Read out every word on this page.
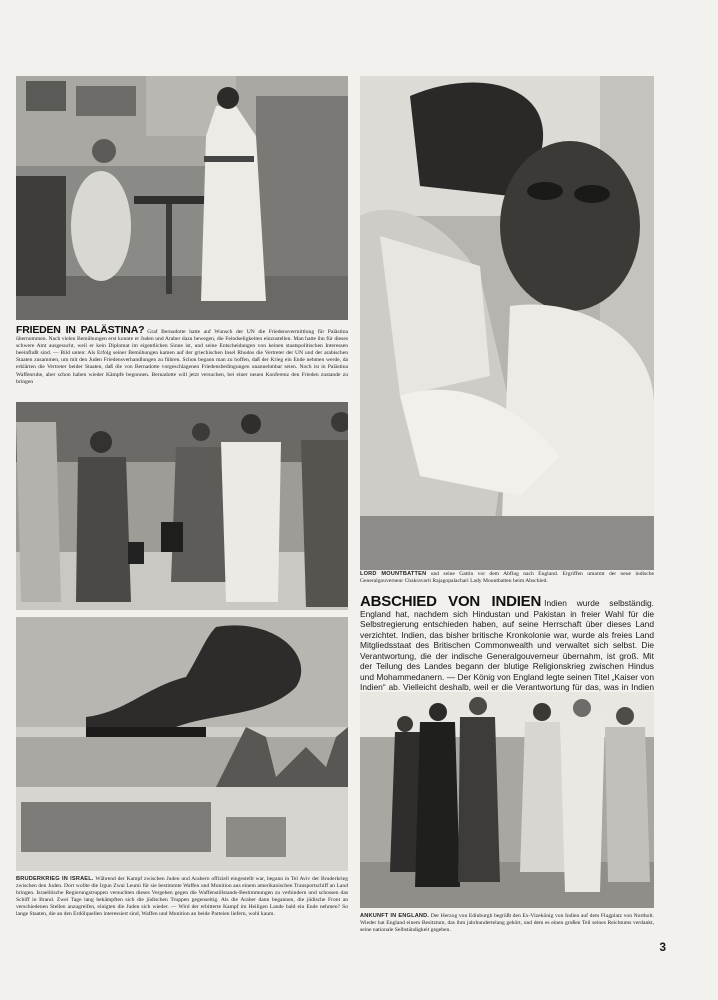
FRIEDEN IN PALÄSTINA? Graf Bernadotte hatte auf Wunsch der UN die Friedensvermittlung für Palästina übernommen. Nach vielen Bemühungen erst konnte er Juden und Araber dazu bewegen, die Feindseligkeiten einzustellen. Man hatte ihn für dieses schwere Amt ausgesucht, weil er kein Diplomat im eigentlichen Sinne ist, und seine Entscheidungen von keinen staatspolitischen Interessen beeinflußt sind. — Bild unten: Als Erfolg seiner Bemühungen kamen auf der griechischen Insel Rhodos die Vertreter der UN und der arabischen Staaten zusammen, um mit den Juden Friedensverhandlungen zu führen. Schon begann man zu hoffen, daß der Krieg ein Ende nehmen werde, da erklärten die Vertreter beider Staaten, daß die von Bernadotte vorgeschlagenen Friedensbedingungen unannehmbar seien. Noch ist in Palästina Waffenruhe, aber schon haben wieder Kämpfe begonnen. Bernadotte will jetzt versuchen, bei einer neuen Konferenz den Frieden zustande zu bringen
BRUDERKRIEG IN ISRAEL. Während der Kampf zwischen Juden und Arabern offiziell eingestellt war, begann in Tel Aviv der Bruderkrieg zwischen den Juden. Dort wollte die Irgun Zwai Leumi für sie bestimmte Waffen und Munition aus einem amerikanischen Transportschiff an Land bringen. Israelitische Regierungstruppen versuchten dieses Vergehen gegen die Waffenstillstands-Bestimmungen zu verhindern und schossen das Schiff in Brand. Zwei Tage lang bekämpften sich die jüdischen Truppen gegenseitig. Als die Araber dann begannen, die jüdische Front an verschiedenen Stellen anzugreifen, einigten die Juden sich wieder. — Wird der erbitterte Kampf im Heiligen Lande bald ein Ende nehmen? So lange Staaten, die an den Erdölquellen interessiert sind, Waffen und Munition an beide Parteien liefern, wohl kaum.
LORD MOUNTBATTEN und seine Gattin vor dem Abflug nach England. Ergriffen umarmt der neue indische Generalgouverneur Chakravarti Rajagopalachari Lady Mountbatten beim Abschied.
ABSCHIED VON INDIEN Indien wurde selbständig. England hat, nachdem sich Hindustan und Pakistan in freier Wahl für die Selbstregierung entschieden haben, auf seine Herrschaft über dieses Land verzichtet. Indien, das bisher britische Kronkolonie war, wurde als freies Land Mitgliedsstaat des Britischen Commonwealth und verwaltet sich selbst. Die Verantwortung, die der indische Generalgouverneur übernahm, ist groß. Mit der Teilung des Landes begann der blutige Religionskrieg zwischen Hindus und Mohammedanern. — Der König von England legte seinen Titel „Kaiser von Indien“ ab. Vielleicht deshalb, weil er die Verantwortung für das, was in Indien
ANKUNFT IN ENGLAND. Der Herzog von Edinburgh begrüßt den Ex-Vizekönig von Indien auf dem Flugplatz von Northolt. Wieder hat England einem Besitztum, das ihm jahrhundertelang gehört, und dem es einen großen Teil seines Reichtums verdankt, seine nationale Selbständigkeit gegeben.
3
